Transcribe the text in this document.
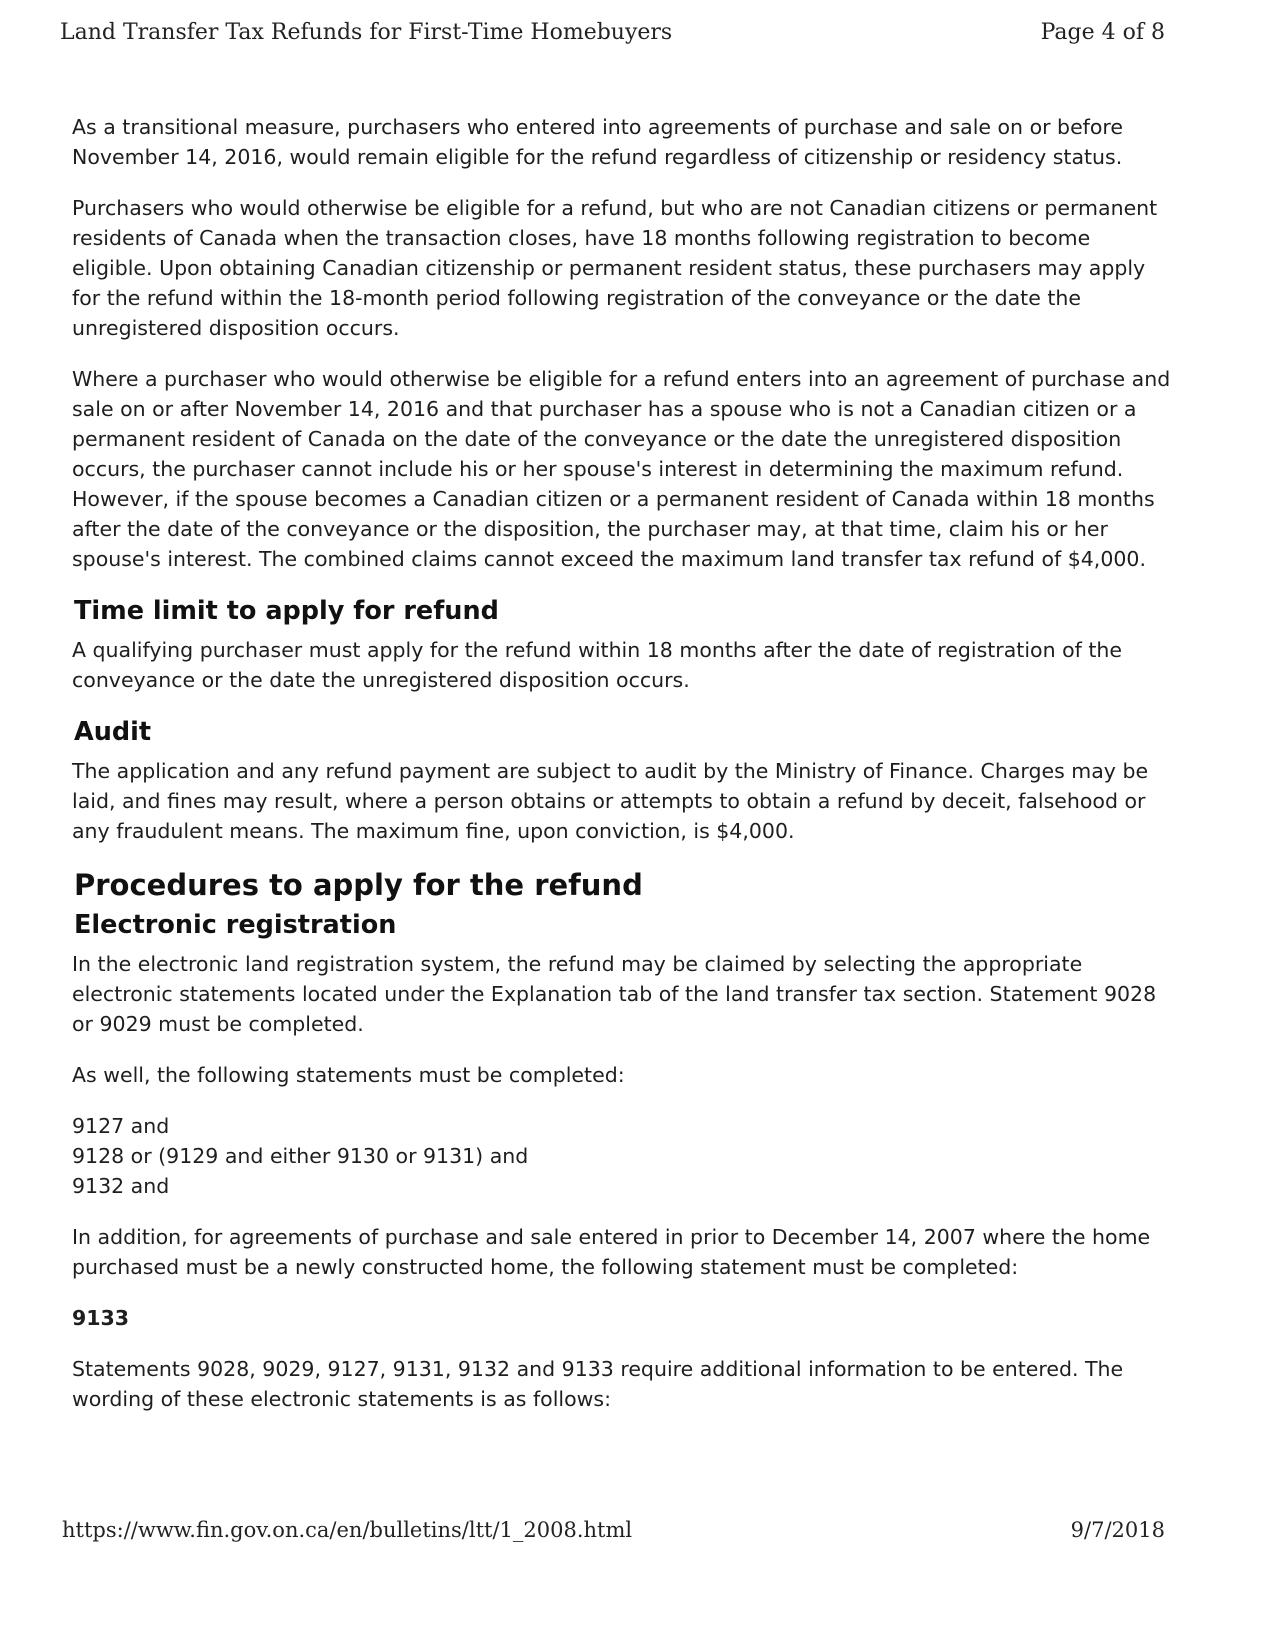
Land Transfer Tax Refunds for First-Time Homebuyers	Page 4 of 8

As a transitional measure, purchasers who entered into agreements of purchase and sale on or before November 14, 2016, would remain eligible for the refund regardless of citizenship or residency status.

Purchasers who would otherwise be eligible for a refund, but who are not Canadian citizens or permanent residents of Canada when the transaction closes, have 18 months following registration to become eligible. Upon obtaining Canadian citizenship or permanent resident status, these purchasers may apply for the refund within the 18-month period following registration of the conveyance or the date the unregistered disposition occurs.

Where a purchaser who would otherwise be eligible for a refund enters into an agreement of purchase and sale on or after November 14, 2016 and that purchaser has a spouse who is not a Canadian citizen or a permanent resident of Canada on the date of the conveyance or the date the unregistered disposition occurs, the purchaser cannot include his or her spouse's interest in determining the maximum refund. However, if the spouse becomes a Canadian citizen or a permanent resident of Canada within 18 months after the date of the conveyance or the disposition, the purchaser may, at that time, claim his or her spouse's interest. The combined claims cannot exceed the maximum land transfer tax refund of $4,000.

Time limit to apply for refund

A qualifying purchaser must apply for the refund within 18 months after the date of registration of the conveyance or the date the unregistered disposition occurs.

Audit

The application and any refund payment are subject to audit by the Ministry of Finance. Charges may be laid, and fines may result, where a person obtains or attempts to obtain a refund by deceit, falsehood or any fraudulent means. The maximum fine, upon conviction, is $4,000.

Procedures to apply for the refund
Electronic registration

In the electronic land registration system, the refund may be claimed by selecting the appropriate electronic statements located under the Explanation tab of the land transfer tax section. Statement 9028 or 9029 must be completed.

As well, the following statements must be completed:

9127 and
9128 or (9129 and either 9130 or 9131) and
9132 and

In addition, for agreements of purchase and sale entered in prior to December 14, 2007 where the home purchased must be a newly constructed home, the following statement must be completed:

9133

Statements 9028, 9029, 9127, 9131, 9132 and 9133 require additional information to be entered. The wording of these electronic statements is as follows:

https://www.fin.gov.on.ca/en/bulletins/ltt/1_2008.html	9/7/2018
